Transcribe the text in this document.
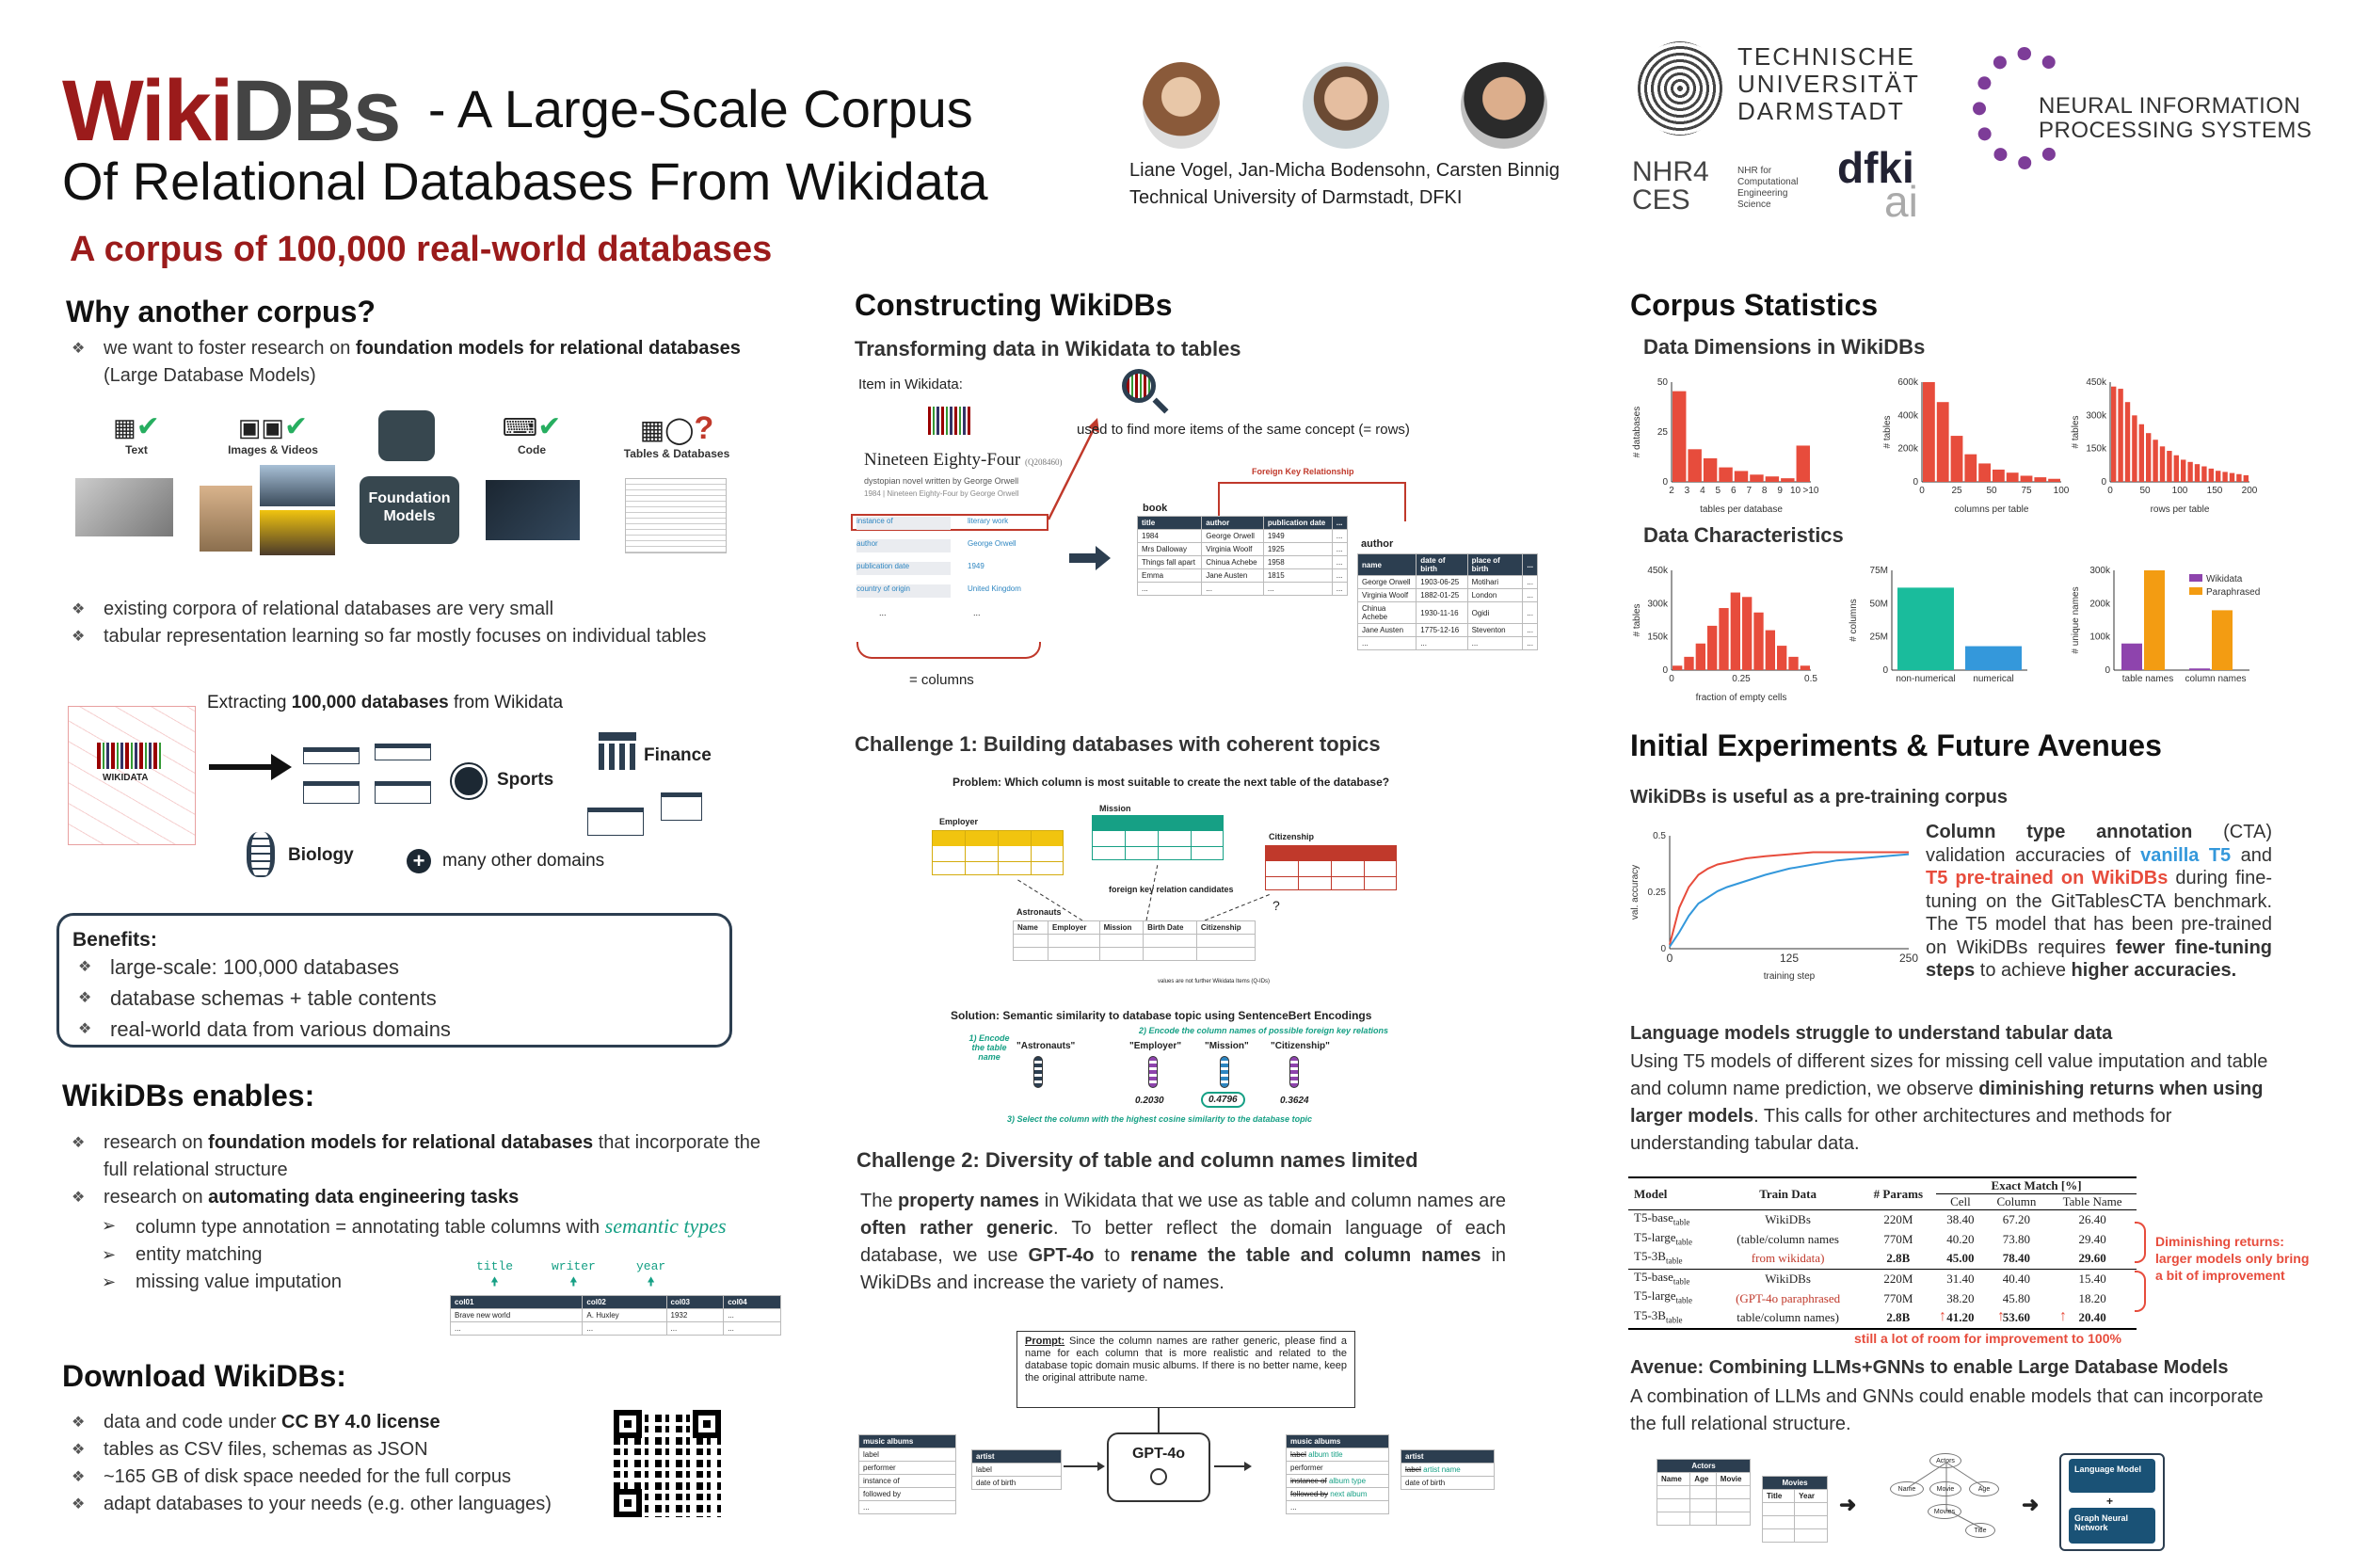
WikiDBs - A Large-Scale Corpus
Of Relational Databases From Wikidata
A corpus of 100,000 real-world databases
Liane Vogel, Jan-Micha Bodensohn, Carsten Binnig
Technical University of Darmstadt, DFKI
TECHNISCHE
UNIVERSITÄT
DARMSTADT
NHR4
CES
NHR for Computational Engineering Science
dfki
ai
NEURAL INFORMATION
PROCESSING SYSTEMS
Why another corpus?
❖ we want to foster research on foundation models for relational databases (Large Database Models)
▦✔
Text
▣▣✔
Images & Videos
Foundation Models
⌨✔
Code
▦◯?
Tables & Databases
❖ existing corpora of relational databases are very small
❖ tabular representation learning so far mostly focuses on individual tables
Extracting 100,000 databases from Wikidata
WIKIDATA	Sports
Finance
Biology	+ many other domains
Benefits:
❖ large-scale: 100,000 databases
❖ database schemas + table contents
❖ real-world data from various domains
WikiDBs enables:
❖ research on foundation models for relational databases that incorporate the full relational structure
❖ research on automating data engineering tasks
➢ column type annotation = annotating table columns with semantic types
➢ entity matching
➢ missing value imputation
title
🠝
writer
🠝
year
🠝
col01	col02	col03	col04
Brave new world	A. Huxley	1932	...
...	...	...	...
Download WikiDBs:
❖ data and code under CC BY 4.0 license
❖ tables as CSV files, schemas as JSON
❖ ~165 GB of disk space needed for the full corpus
❖ adapt databases to your needs (e.g. other languages)
Constructing WikiDBs
Transforming data in Wikidata to tables
Item in Wikidata:
Nineteen Eighty-Four (Q208460)
dystopian novel written by George Orwell
1984 | Nineteen Eighty-Four by George Orwell
instance of	literary work
author	George Orwell
publication date	1949
country of origin	United Kingdom
...	...
= columns
used to find more items of the same concept (= rows)
Foreign Key Relationship
book
title	author	publication date	...
1984	George Orwell	1949	...
Mrs Dalloway	Virginia Woolf	1925	...
Things fall apart	Chinua Achebe	1958	...
Emma	Jane Austen	1815	...
...	...	...	...
author
name	date of birth	place of birth	...
George Orwell	1903-06-25	Motihari	...
Virginia Woolf	1882-01-25	London	...
Chinua Achebe	1930-11-16	Ogidi	...
Jane Austen	1775-12-16	Steventon	...
...	...	...	...
Challenge 1: Building databases with coherent topics
Problem: Which column is most suitable to create the next table of the database?
Employer
Mission
Citizenship
foreign key relation candidates
?
Astronauts
Name	Employer	Mission	Birth Date	Citizenship

values are not further Wikidata Items (Q-IDs)
Solution: Semantic similarity to database topic using SentenceBert Encodings
2) Encode the column names of possible foreign key relations
1) Encode the table name
"Astronauts"	"Employer" "Mission" "Citizenship"
0.2030	0.4796	0.3624
3) Select the column with the highest cosine similarity to the database topic
Challenge 2: Diversity of table and column names limited
The property names in Wikidata that we use as table and column names are often rather generic. To better reflect the domain language of each database, we use GPT-4o to rename the table and column names in WikiDBs and increase the variety of names.
Prompt: Since the column names are rather generic, please find a name for each column that is more realistic and related to the database topic domain music albums. If there is no better name, keep the original attribute name.
GPT-4o
music albums
label
performer
instance of
followed by
...
artist
label
date of birth
music albums
label album title
performer
instance of album type
followed by next album
...
artist
label artist name
date of birth
Corpus Statistics
Data Dimensions in WikiDBs
0
25
50
# databases
tables per database
2 3 4 5 6 7 8 9 10 >10
0
200k
400k
600k
# tables
columns per table
0	25	50	75 100
0
150k
300k
450k
# tables
rows per table
0	50 100 150 200
Data Characteristics
0
150k
300k
450k
# tables
fraction of empty cells
0	0.25	0.5
0
25M
50M
75M
# columns
non-numerical numerical
0
100k
200k
300k
# unique names
table names column names
Wikidata
Paraphrased
Initial Experiments & Future Avenues
WikiDBs is useful as a pre-training corpus
0
0.25
0.5
val. accuracy
training step
0	125	250
Column type annotation (CTA) validation accuracies of vanilla T5 and T5 pre-trained on WikiDBs during fine-tuning on the GitTablesCTA benchmark. The T5 model that has been pre-trained on WikiDBs requires fewer fine-tuning steps to achieve higher accuracies.
Language models struggle to understand tabular data
Using T5 models of different sizes for missing cell value imputation and table and column name prediction, we observe diminishing returns when using larger models. This calls for other architectures and methods for understanding tabular data.
Model	Train Data	# Params	Exact Match [%]		
			Cell	Column	Table Name
T5-base$_{table}$	WikiDBs	220M	38.40	67.20	26.40
T5-large$_{table}$	(table/column names	770M	40.20	73.80	29.40
$T5-3B_{table}$	from wikidata)	2.8B	45.00	78.40	29.60
T5-base$_{table}$	WikiDBs	220M	31.40	40.40	15.40
T5-large$_{table}$	(GPT-4o paraphrased	770M	38.20	45.80	18.20
$T5-3B_{table}$	table/column names)	2.8B	41.20	53.60	20.40
Diminishing returns: larger models only bring a bit of improvement
↑	↑	↑
still a lot of room for improvement to 100%
Avenue: Combining LLMs+GNNs to enable Large Database Models
A combination of LLMs and GNNs could enable models that can incorporate the full relational structure.
Actors		
Name	Age	Movie

			Movies	
Title	Year

	➜
Actors
Name	Movie	Age
Movies
Title
➜
Language Model
+
Graph Neural Network
